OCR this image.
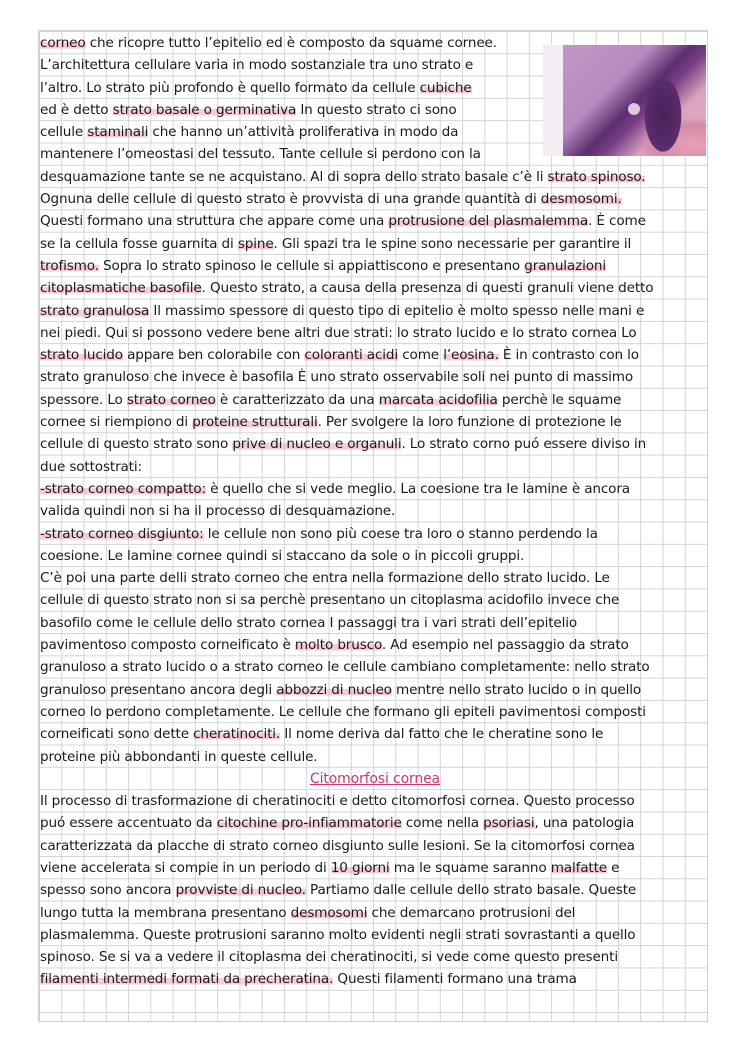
corneo che ricopre tutto l’epitelio ed è composto da squame cornee.
L’architettura cellulare varia in modo sostanziale tra uno strato e
l’altro. Lo strato più profondo è quello formato da cellule cubiche
ed è detto strato basale o germinativa In questo strato ci sono
cellule staminali che hanno un’attività proliferativa in modo da
mantenere l’omeostasi del tessuto. Tante cellule si perdono con la
desquamazione tante se ne acquistano. Al di sopra dello strato basale c’è li strato spinoso.
Ognuna delle cellule di questo strato è provvista di una grande quantità di desmosomi.
Questi formano una struttura che appare come una protrusione del plasmalemma. È come
se la cellula fosse guarnita di spine. Gli spazi tra le spine sono necessarie per garantire il
trofismo. Sopra lo strato spinoso le cellule si appiattiscono e presentano granulazioni
citoplasmatiche basofile. Questo strato, a causa della presenza di questi granuli viene detto
strato granulosa Il massimo spessore di questo tipo di epitelio è molto spesso nelle mani e
nei piedi. Qui si possono vedere bene altri due strati: lo strato lucido e lo strato cornea Lo
strato lucido appare ben colorabile con coloranti acidi come l’eosina. È in contrasto con lo
strato granuloso che invece è basofila È uno strato osservabile soli nei punto di massimo
spessore. Lo strato corneo è caratterizzato da una marcata acidofilia perchè le squame
cornee si riempiono di proteine strutturali. Per svolgere la loro funzione di protezione le
cellule di questo strato sono prive di nucleo e organuli. Lo strato corno puó essere diviso in
due sottostrati:
-strato corneo compatto: è quello che si vede meglio. La coesione tra le lamine è ancora
valida quindi non si ha il processo di desquamazione.
-strato corneo disgiunto: le cellule non sono più coese tra loro o stanno perdendo la
coesione. Le lamine cornee quindi si staccano da sole o in piccoli gruppi.
C’è poi una parte delli strato corneo che entra nella formazione dello strato lucido. Le
cellule di questo strato non si sa perchè presentano un citoplasma acidofilo invece che
basofilo come le cellule dello strato cornea I passaggi tra i vari strati dell’epitelio
pavimentoso composto corneificato è molto brusco. Ad esempio nel passaggio da strato
granuloso a strato lucido o a strato corneo le cellule cambiano completamente: nello strato
granuloso presentano ancora degli abbozzi di nucleo mentre nello strato lucido o in quello
corneo lo perdono completamente. Le cellule che formano gli epiteli pavimentosi composti
corneificati sono dette cheratinociti. Il nome deriva dal fatto che le cheratine sono le
proteine più abbondanti in queste cellule.
Citomorfosi cornea
Il processo di trasformazione di cheratinociti e detto citomorfosi cornea. Questo processo
puó essere accentuato da citochine pro-infiammatorie come nella psoriasi, una patologia
caratterizzata da placche di strato corneo disgiunto sulle lesioni. Se la citomorfosi cornea
viene accelerata si compie in un periodo di 10 giorni ma le squame saranno malfatte e
spesso sono ancora provviste di nucleo. Partiamo dalle cellule dello strato basale. Queste
lungo tutta la membrana presentano desmosomi che demarcano protrusioni del
plasmalemma. Queste protrusioni saranno molto evidenti negli strati sovrastanti a quello
spinoso. Se si va a vedere il citoplasma dei cheratinociti, si vede come questo presenti
filamenti intermedi formati da precheratina. Questi filamenti formano una trama
